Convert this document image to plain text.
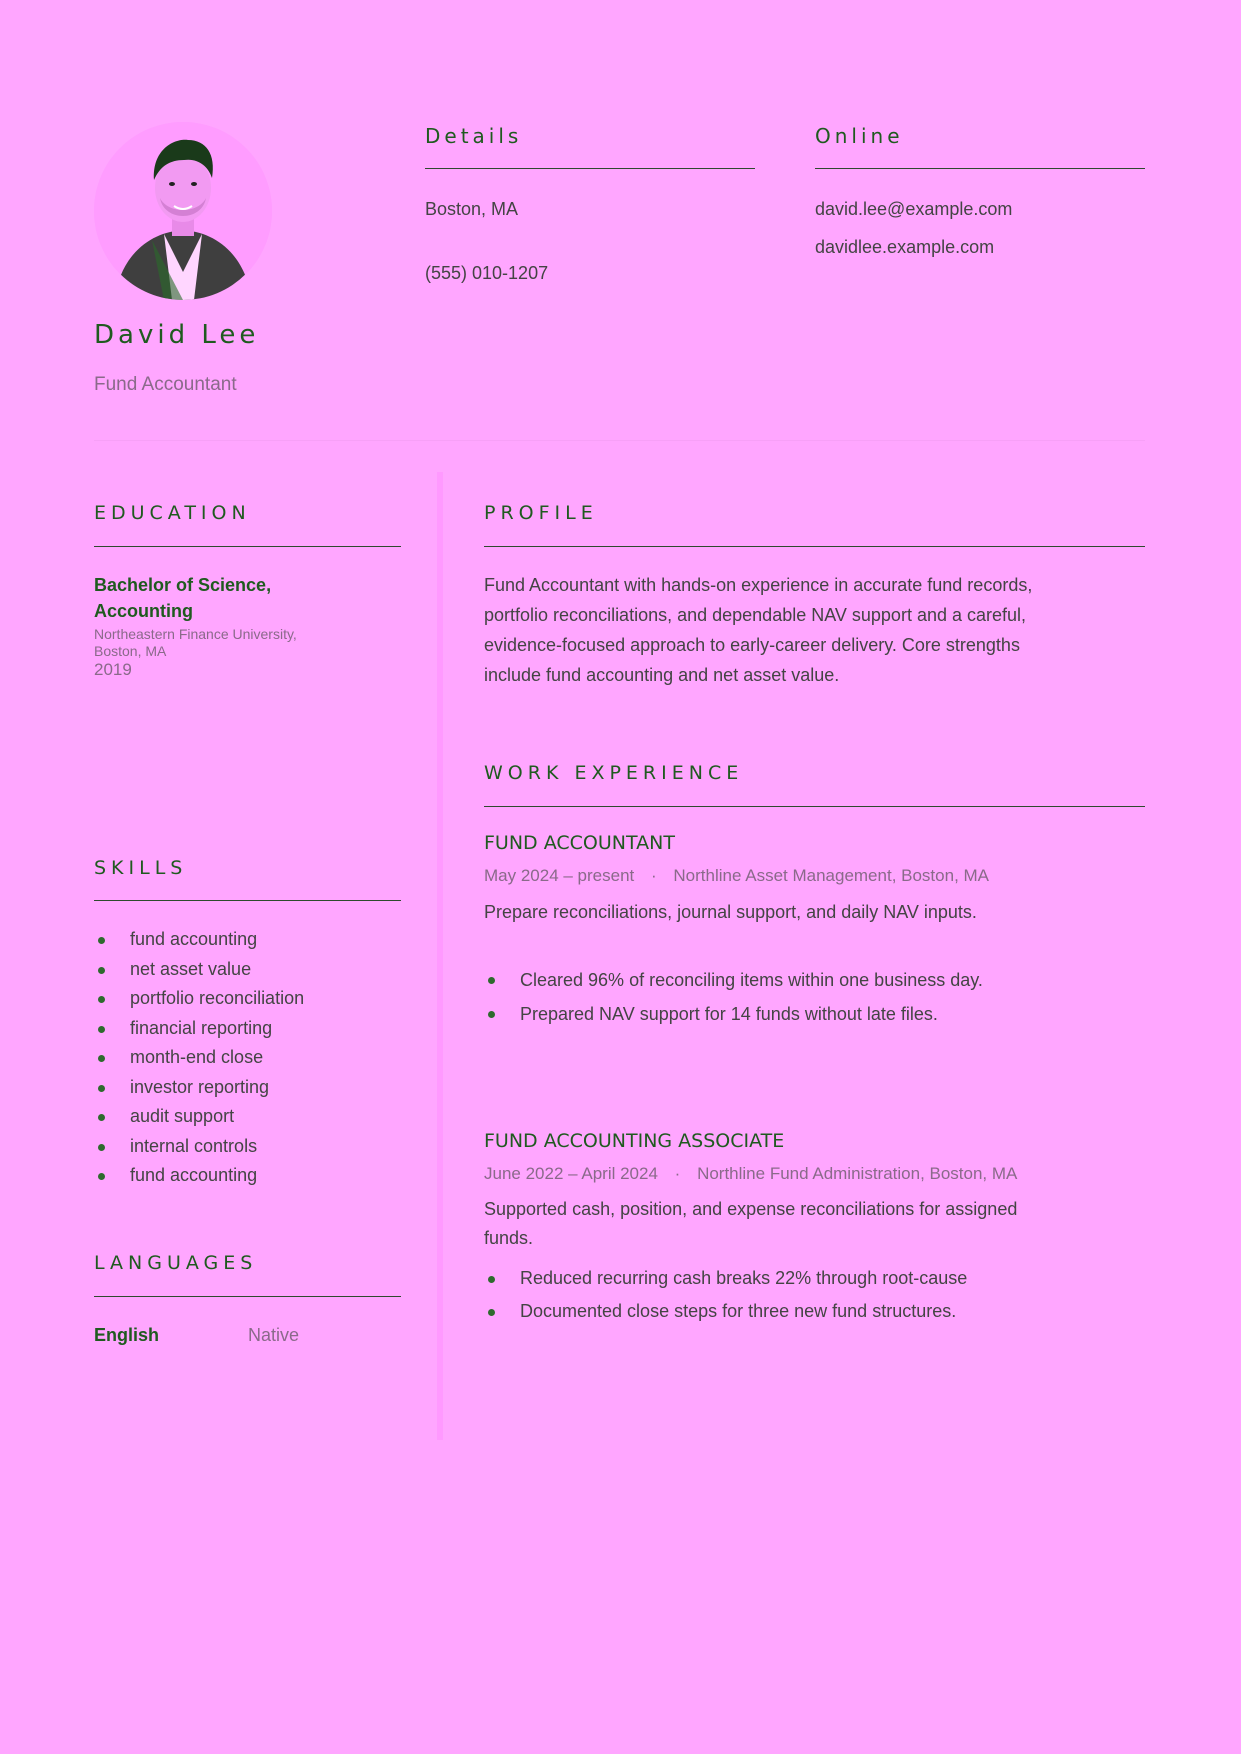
David Lee
Fund Accountant
Details
Boston, MA
(555) 010-1207
Online
david.lee@example.com
davidlee.example.com
EDUCATION
Bachelor of Science,
Accounting
Northeastern Finance University,
Boston, MA
2019
SKILLS
fund accounting
net asset value
portfolio reconciliation
financial reporting
month-end close
investor reporting
audit support
internal controls
fund accounting
LANGUAGES
English	Native
PROFILE
Fund Accountant with hands-on experience in accurate fund records,
portfolio reconciliations, and dependable NAV support and a careful,
evidence-focused approach to early-career delivery. Core strengths
include fund accounting and net asset value.
WORK EXPERIENCE
FUND ACCOUNTANT
May 2024 – present · Northline Asset Management, Boston, MA
Prepare reconciliations, journal support, and daily NAV inputs.
Cleared 96% of reconciling items within one business day.
Prepared NAV support for 14 funds without late files.
FUND ACCOUNTING ASSOCIATE
June 2022 – April 2024 · Northline Fund Administration, Boston, MA
Supported cash, position, and expense reconciliations for assigned
funds.
Reduced recurring cash breaks 22% through root-cause
Documented close steps for three new fund structures.
